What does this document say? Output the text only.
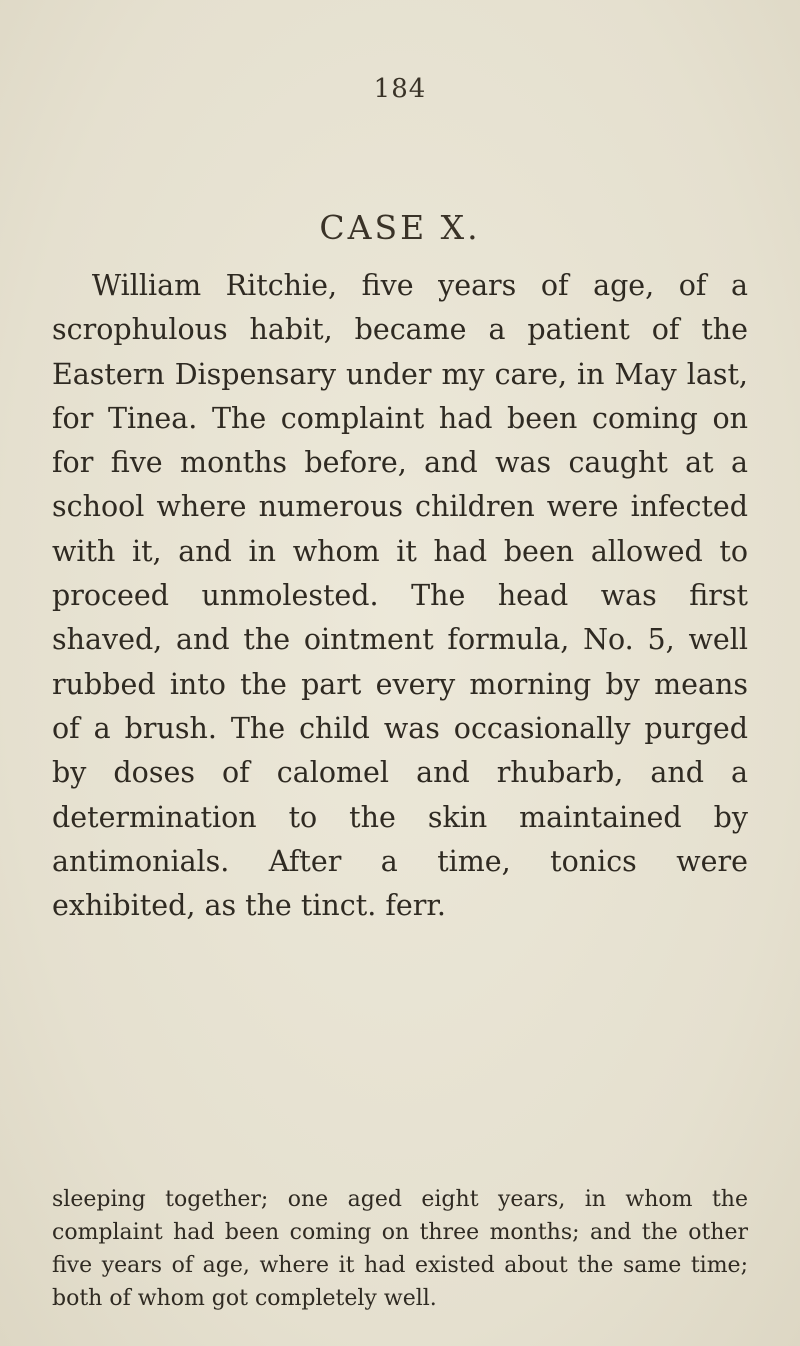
184
CASE X.

William Ritchie, five years of age, of a scrophulous habit, became a patient of the Eastern Dispensary under my care, in May last, for Tinea. The complaint had been coming on for five months before, and was caught at a school where numerous children were infected with it, and in whom it had been allowed to proceed unmolested. The head was first shaved, and the ointment formula, No. 5, well rubbed into the part every morning by means of a brush. The child was occasionally purged by doses of calomel and rhubarb, and a determination to the skin maintained by antimonials. After a time, tonics were exhibited, as the tinct. ferr.

sleeping together; one aged eight years, in whom the complaint had been coming on three months; and the other five years of age, where it had existed about the same time; both of whom got completely well.
